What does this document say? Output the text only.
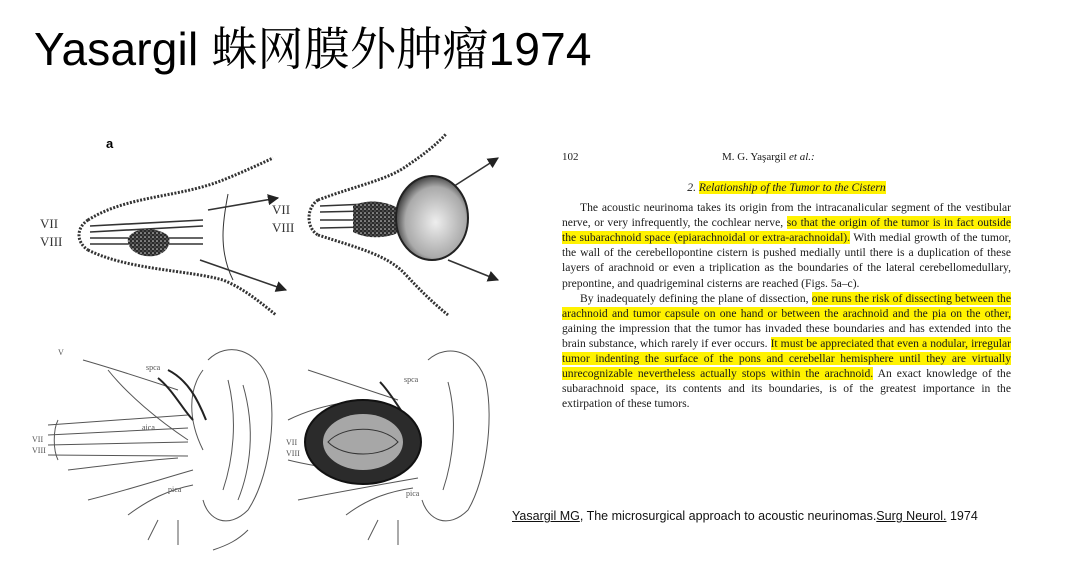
Yasargil 蛛网膜外肿瘤1974
a
VII
VIII
VII
VIII
V
spca
aica
pica
VII
VIII
VII
VIII
spca
pica
102	M. G. Yaşargil et al.:
2. Relationship of the Tumor to the Cistern

The acoustic neurinoma takes its origin from the intracanalicular segment of the vestibular nerve, or very infrequently, the cochlear nerve, so that the origin of the tumor is in fact outside the subarachnoid space (epiarachnoidal or extra-arachnoidal). With medial growth of the tumor, the wall of the cerebellopontine cistern is pushed medially until there is a duplication of these layers of arachnoid or even a triplication as the boundaries of the lateral cerebellomedullary, prepontine, and quadrigeminal cisterns are reached (Figs. 5a–c).

By inadequately defining the plane of dissection, one runs the risk of dissecting between the arachnoid and tumor capsule on one hand or between the arachnoid and the pia on the other, gaining the impression that the tumor has invaded these boundaries and has extended into the brain substance, which rarely if ever occurs. It must be appreciated that even a nodular, irregular tumor indenting the surface of the pons and cerebellar hemisphere until they are virtually unrecognizable nevertheless actually stops within the arachnoid. An exact knowledge of the subarachnoid space, its contents and its boundaries, is of the greatest importance in the extirpation of these tumors.

Yasargil MG, The microsurgical approach to acoustic neurinomas.Surg Neurol. 1974
